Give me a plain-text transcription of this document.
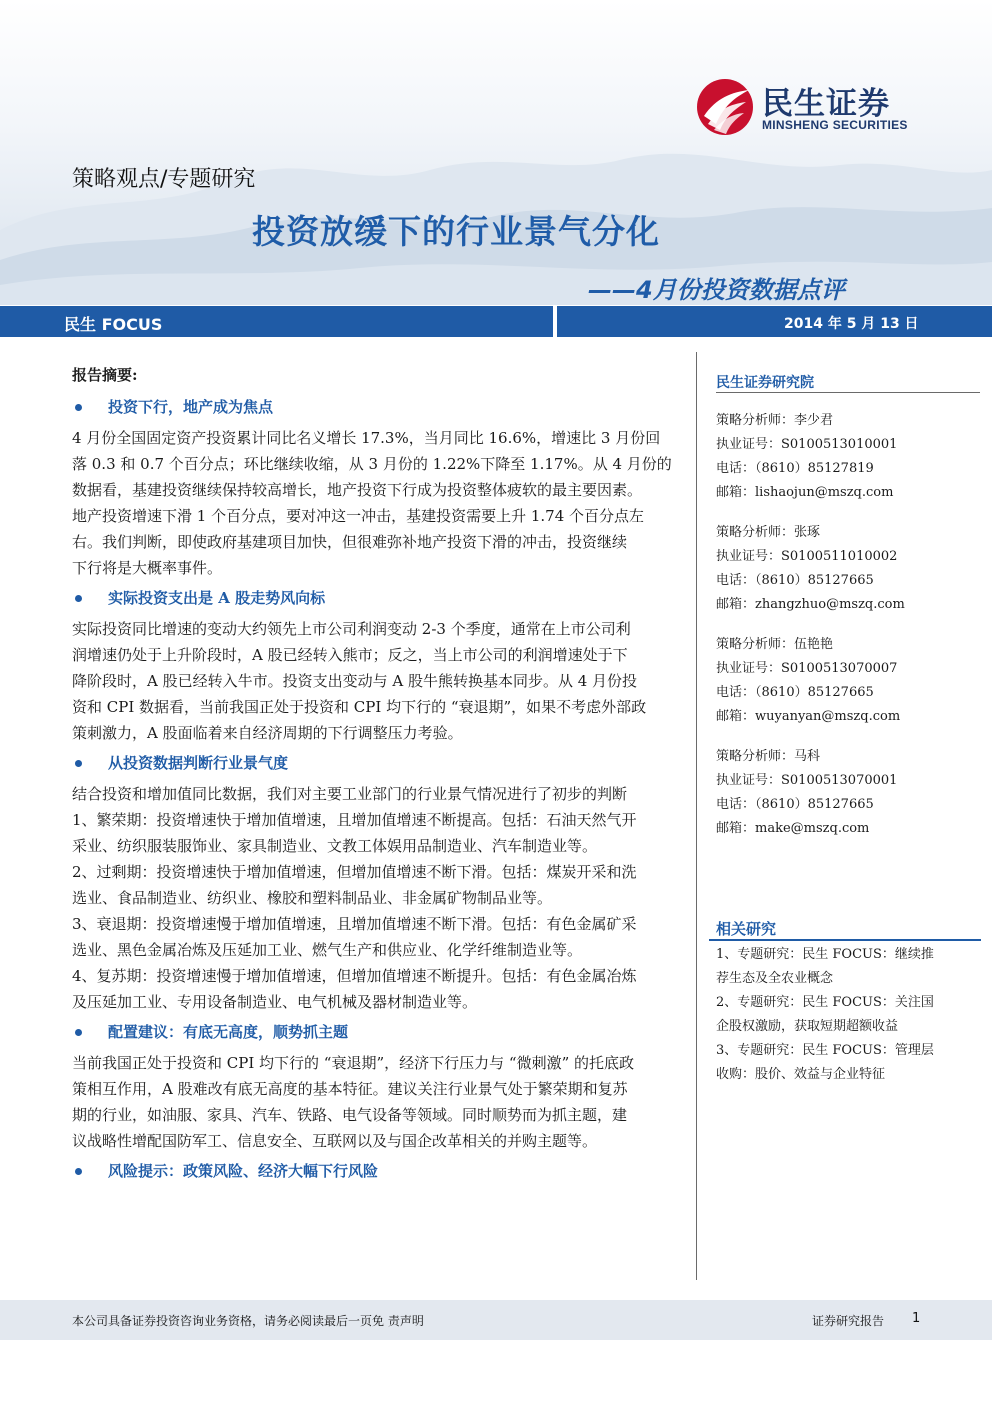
民生证券
MINSHENG SECURITIES
策略观点/专题研究
投资放缓下的行业景气分化
——4月份投资数据点评
民生 FOCUS	2014 年 5 月 13 日
报告摘要:
投资下行，地产成为焦点
4 月份全国固定资产投资累计同比名义增长 17.3%，当月同比 16.6%，增速比 3 月份回
落 0.3 和 0.7 个百分点；环比继续收缩，从 3 月份的 1.22%下降至 1.17%。从 4 月份的
数据看，基建投资继续保持较高增长，地产投资下行成为投资整体疲软的最主要因素。
地产投资增速下滑 1 个百分点，要对冲这一冲击，基建投资需要上升 1.74 个百分点左
右。我们判断，即使政府基建项目加快，但很难弥补地产投资下滑的冲击，投资继续
下行将是大概率事件。
实际投资支出是 A 股走势风向标
实际投资同比增速的变动大约领先上市公司利润变动 2-3 个季度，通常在上市公司利
润增速仍处于上升阶段时，A 股已经转入熊市；反之，当上市公司的利润增速处于下
降阶段时，A 股已经转入牛市。投资支出变动与 A 股牛熊转换基本同步。从 4 月份投
资和 CPI 数据看，当前我国正处于投资和 CPI 均下行的 “衰退期”，如果不考虑外部政
策刺激力，A 股面临着来自经济周期的下行调整压力考验。
从投资数据判断行业景气度
结合投资和增加值同比数据，我们对主要工业部门的行业景气情况进行了初步的判断
1、繁荣期：投资增速快于增加值增速，且增加值增速不断提高。包括：石油天然气开
采业、纺织服装服饰业、家具制造业、文教工体娱用品制造业、汽车制造业等。
2、过剩期：投资增速快于增加值增速，但增加值增速不断下滑。包括：煤炭开采和洗
选业、食品制造业、纺织业、橡胶和塑料制品业、非金属矿物制品业等。
3、衰退期：投资增速慢于增加值增速，且增加值增速不断下滑。包括：有色金属矿采
选业、黑色金属冶炼及压延加工业、燃气生产和供应业、化学纤维制造业等。
4、复苏期：投资增速慢于增加值增速，但增加值增速不断提升。包括：有色金属冶炼
及压延加工业、专用设备制造业、电气机械及器材制造业等。
配置建议：有底无高度，顺势抓主题
当前我国正处于投资和 CPI 均下行的 “衰退期”，经济下行压力与 “微刺激” 的托底政
策相互作用，A 股难改有底无高度的基本特征。建议关注行业景气处于繁荣期和复苏
期的行业，如油服、家具、汽车、铁路、电气设备等领域。同时顺势而为抓主题，建
议战略性增配国防军工、信息安全、互联网以及与国企改革相关的并购主题等。
风险提示：政策风险、经济大幅下行风险
民生证券研究院
策略分析师：李少君
执业证号：S0100513010001
电话：（8610）85127819
邮箱：lishaojun@mszq.com
策略分析师：张琢
执业证号：S0100511010002
电话：（8610）85127665
邮箱：zhangzhuo@mszq.com
策略分析师：伍艳艳
执业证号：S0100513070007
电话：（8610）85127665
邮箱：wuyanyan@mszq.com
策略分析师：马科
执业证号：S0100513070001
电话：（8610）85127665
邮箱：make@mszq.com
相关研究
1、专题研究：民生 FOCUS：继续推
荐生态及全农业概念
2、专题研究：民生 FOCUS：关注国
企股权激励，获取短期超额收益
3、专题研究：民生 FOCUS：管理层
收购：股价、效益与企业特征
本公司具备证券投资咨询业务资格，请务必阅读最后一页免 责声明	证券研究报告 1
